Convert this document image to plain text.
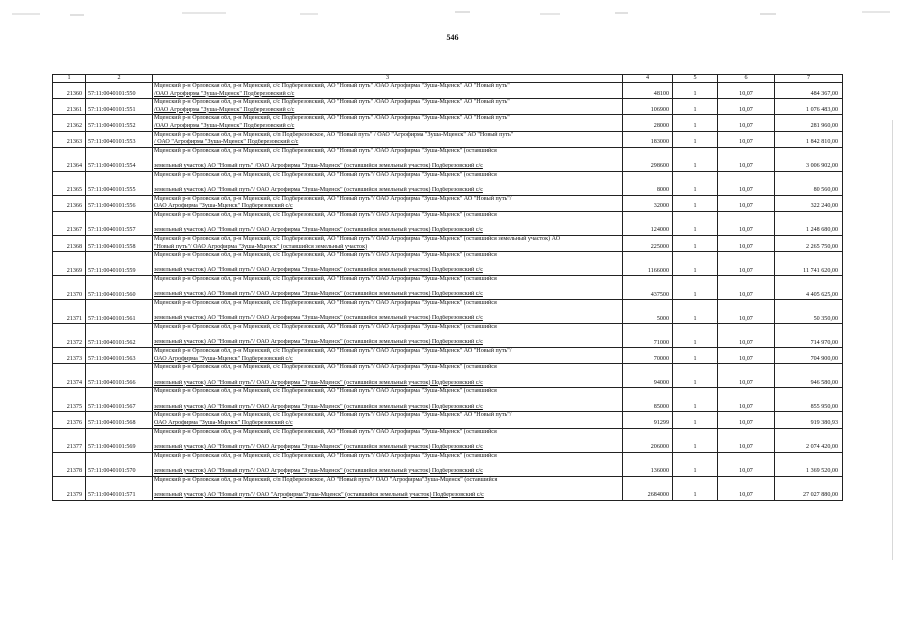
546
1	2	3	4	5	6	7
21360	57:11:0040101:550	Мценский р-н Орловская обл, р-н Мценский, с/с Подберезовский, АО "Новый путь" /ОАО Агрофирма "Зуша-Мценск" АО "Новый путь"
/ОАО Агрофирма "Зуша-Мценск" Подберезовский с/с	48100	1	10,07	484 367,00
21361	57:11:0040101:551	Мценский р-н Орловская обл, р-н Мценский, с/с Подберезовский, АО "Новый путь" /ОАО Агрофирма "Зуша-Мценск" АО "Новый путь"
/ОАО Агрофирма "Зуша-Мценск" Подберезовский с/с	106900	1	10,07	1 076 483,00
21362	57:11:0040101:552	Мценский р-н Орловская обл, р-н Мценский, с/с Подберезовский, АО "Новый путь" /ОАО Агрофирма "Зуша-Мценск" АО "Новый путь"
/ОАО Агрофирма "Зуша-Мценск" Подберезовский с/с	28000	1	10,07	281 960,00
21363	57:11:0040101:553	Мценский р-н Орловская обл, р-н Мценский, с/п Подберезовское, АО "Новый путь" / ОАО "Агрофирма "Зуша-Мценск" АО "Новый путь"
/ ОАО "Агрофирма "Зуша-Мценск" Подберезовский с/с	183000	1	10,07	1 842 810,00
21364	57:11:0040101:554	Мценский р-н Орловская обл, р-н Мценский, с/с Подберезовский, АО "Новый путь" /ОАО Агрофирма "Зуша-Мценск" (оставшийся
земельный участок) АО "Новый путь" /ОАО Агрофирма "Зуша-Мценск" (оставшийся земельный участок) Подберезовский с/с	298600	1	10,07	3 006 902,00
21365	57:11:0040101:555	Мценский р-н Орловская обл, р-н Мценский, с/с Подберезовский, АО "Новый путь"/ ОАО Агрофирма "Зуша-Мценск" (оставшийся
земельный участок) АО "Новый путь"/ ОАО Агрофирма "Зуша-Мценск" (оставшийся земельный участок) Подберезовский с/с	8000	1	10,07	80 560,00
21366	57:11:0040101:556	Мценский р-н Орловская обл, р-н Мценский, с/с Подберезовский, АО "Новый путь"/ ОАО Агрофирма "Зуша-Мценск" АО "Новый путь"/
ОАО Агрофирма "Зуша-Мценск" Подберезовский с/с	32000	1	10,07	322 240,00
21367	57:11:0040101:557	Мценский р-н Орловская обл, р-н Мценский, с/с Подберезовский, АО "Новый путь"/ ОАО Агрофирма "Зуша-Мценск" (оставшийся
земельный участок) АО "Новый путь"/ ОАО Агрофирма "Зуша-Мценск" (оставшийся земельный участок) Подберезовский с/с	124000	1	10,07	1 248 680,00
21368	57:11:0040101:558	Мценский р-н Орловская обл, р-н Мценский, с/с Подберезовский, АО "Новый путь"/ ОАО Агрофирма "Зуша-Мценск" (оставшийся земельный участок) АО
"Новый путь"/ ОАО Агрофирма "Зуша-Мценск" (оставшийся земельный участок)	225000	1	10,07	2 265 750,00
21369	57:11:0040101:559	Мценский р-н Орловская обл, р-н Мценский, с/с Подберезовский, АО "Новый путь"/ ОАО Агрофирма "Зуша-Мценск" (оставшийся
земельный участок) АО "Новый путь"/ ОАО Агрофирма "Зуша-Мценск" (оставшийся земельный участок) Подберезовский с/с	1166000	1	10,07	11 741 620,00
21370	57:11:0040101:560	Мценский р-н Орловская обл, р-н Мценский, с/с Подберезовский, АО "Новый путь"/ ОАО Агрофирма "Зуша-Мценск" (оставшийся
земельный участок) АО "Новый путь"/ ОАО Агрофирма "Зуша-Мценск" (оставшийся земельный участок) Подберезовский с/с	437500	1	10,07	4 405 625,00
21371	57:11:0040101:561	Мценский р-н Орловская обл, р-н Мценский, с/с Подберезовский, АО "Новый путь"/ ОАО Агрофирма "Зуша-Мценск" (оставшийся
земельный участок) АО "Новый путь"/ ОАО Агрофирма "Зуша-Мценск" (оставшийся земельный участок) Подберезовский с/с	5000	1	10,07	50 350,00
21372	57:11:0040101:562	Мценский р-н Орловская обл, р-н Мценский, с/с Подберезовский, АО "Новый путь"/ ОАО Агрофирма "Зуша-Мценск" (оставшийся
земельный участок) АО "Новый путь"/ ОАО Агрофирма "Зуша-Мценск" (оставшийся земельный участок) Подберезовский с/с	71000	1	10,07	714 970,00
21373	57:11:0040101:563	Мценский р-н Орловская обл, р-н Мценский, с/с Подберезовский, АО "Новый путь"/ ОАО Агрофирма "Зуша-Мценск" АО "Новый путь"/
ОАО Агрофирма "Зуша-Мценск" Подберезовский с/с	70000	1	10,07	704 900,00
21374	57:11:0040101:566	Мценский р-н Орловская обл, р-н Мценский, с/с Подберезовский, АО "Новый путь"/ ОАО Агрофирма "Зуша-Мценск" (оставшийся
земельный участок) АО "Новый путь"/ ОАО Агрофирма "Зуша-Мценск" (оставшийся земельный участок) Подберезовский с/с	94000	1	10,07	946 580,00
21375	57:11:0040101:567	Мценский р-н Орловская обл, р-н Мценский, с/с Подберезовский, АО "Новый путь"/ ОАО Агрофирма "Зуша-Мценск" (оставшийся
земельный участок) АО "Новый путь"/ ОАО Агрофирма "Зуша-Мценск" (оставшийся земельный участок) Подберезовский с/с	85000	1	10,07	855 950,00
21376	57:11:0040101:568	Мценский р-н Орловская обл, р-н Мценский, с/с Подберезовский, АО "Новый путь"/ ОАО Агрофирма "Зуша-Мценск" АО "Новый путь"/
ОАО Агрофирма "Зуша-Мценск" Подберезовский с/с	91299	1	10,07	919 380,93
21377	57:11:0040101:569	Мценский р-н Орловская обл, р-н Мценский, с/с Подберезовский, АО "Новый путь"/ ОАО Агрофирма "Зуша-Мценск" (оставшийся
земельный участок) АО "Новый путь"/ ОАО Агрофирма "Зуша-Мценск" (оставшийся земельный участок) Подберезовский с/с	206000	1	10,07	2 074 420,00
21378	57:11:0040101:570	Мценский р-н Орловская обл, р-н Мценский, с/с Подберезовский, АО "Новый путь"/ ОАО Агрофирма "Зуша-Мценск" (оставшийся
земельный участок) АО "Новый путь"/ ОАО Агрофирма "Зуша-Мценск" (оставшийся земельный участок) Подберезовский с/с	136000	1	10,07	1 369 520,00
21379	57:11:0040101:571	Мценский р-н Орловская обл, р-н Мценский, с/п Подберезовское, АО "Новый путь"/ ОАО "Агрофирма"Зуша-Мценск" (оставшийся
земельный участок) АО "Новый путь"/ ОАО "Агрофирма"Зуша-Мценск" (оставшийся земельный участок) Подберезовский с/с	2684000	1	10,07	27 027 880,00
